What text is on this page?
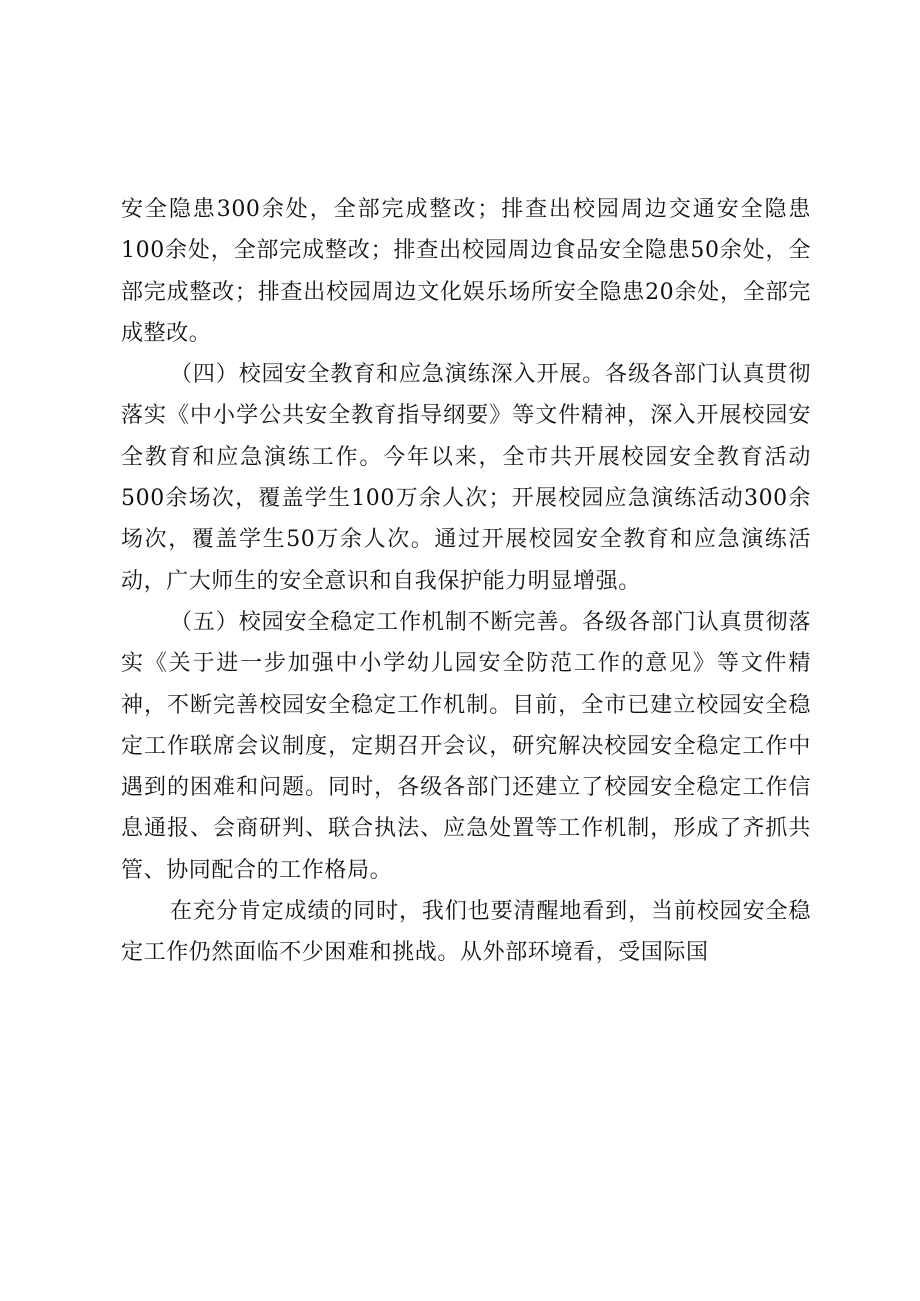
安全隐患300余处，全部完成整改；排查出校园周边交通安全隐患100余处，全部完成整改；排查出校园周边食品安全隐患50余处，全部完成整改；排查出校园周边文化娱乐场所安全隐患20余处，全部完成整改。

（四）校园安全教育和应急演练深入开展。各级各部门认真贯彻落实《中小学公共安全教育指导纲要》等文件精神，深入开展校园安全教育和应急演练工作。今年以来，全市共开展校园安全教育活动500余场次，覆盖学生100万余人次；开展校园应急演练活动300余场次，覆盖学生50万余人次。通过开展校园安全教育和应急演练活动，广大师生的安全意识和自我保护能力明显增强。

（五）校园安全稳定工作机制不断完善。各级各部门认真贯彻落实《关于进一步加强中小学幼儿园安全防范工作的意见》等文件精神，不断完善校园安全稳定工作机制。目前，全市已建立校园安全稳定工作联席会议制度，定期召开会议，研究解决校园安全稳定工作中遇到的困难和问题。同时，各级各部门还建立了校园安全稳定工作信息通报、会商研判、联合执法、应急处置等工作机制，形成了齐抓共管、协同配合的工作格局。

在充分肯定成绩的同时，我们也要清醒地看到，当前校园安全稳定工作仍然面临不少困难和挑战。从外部环境看，受国际国
